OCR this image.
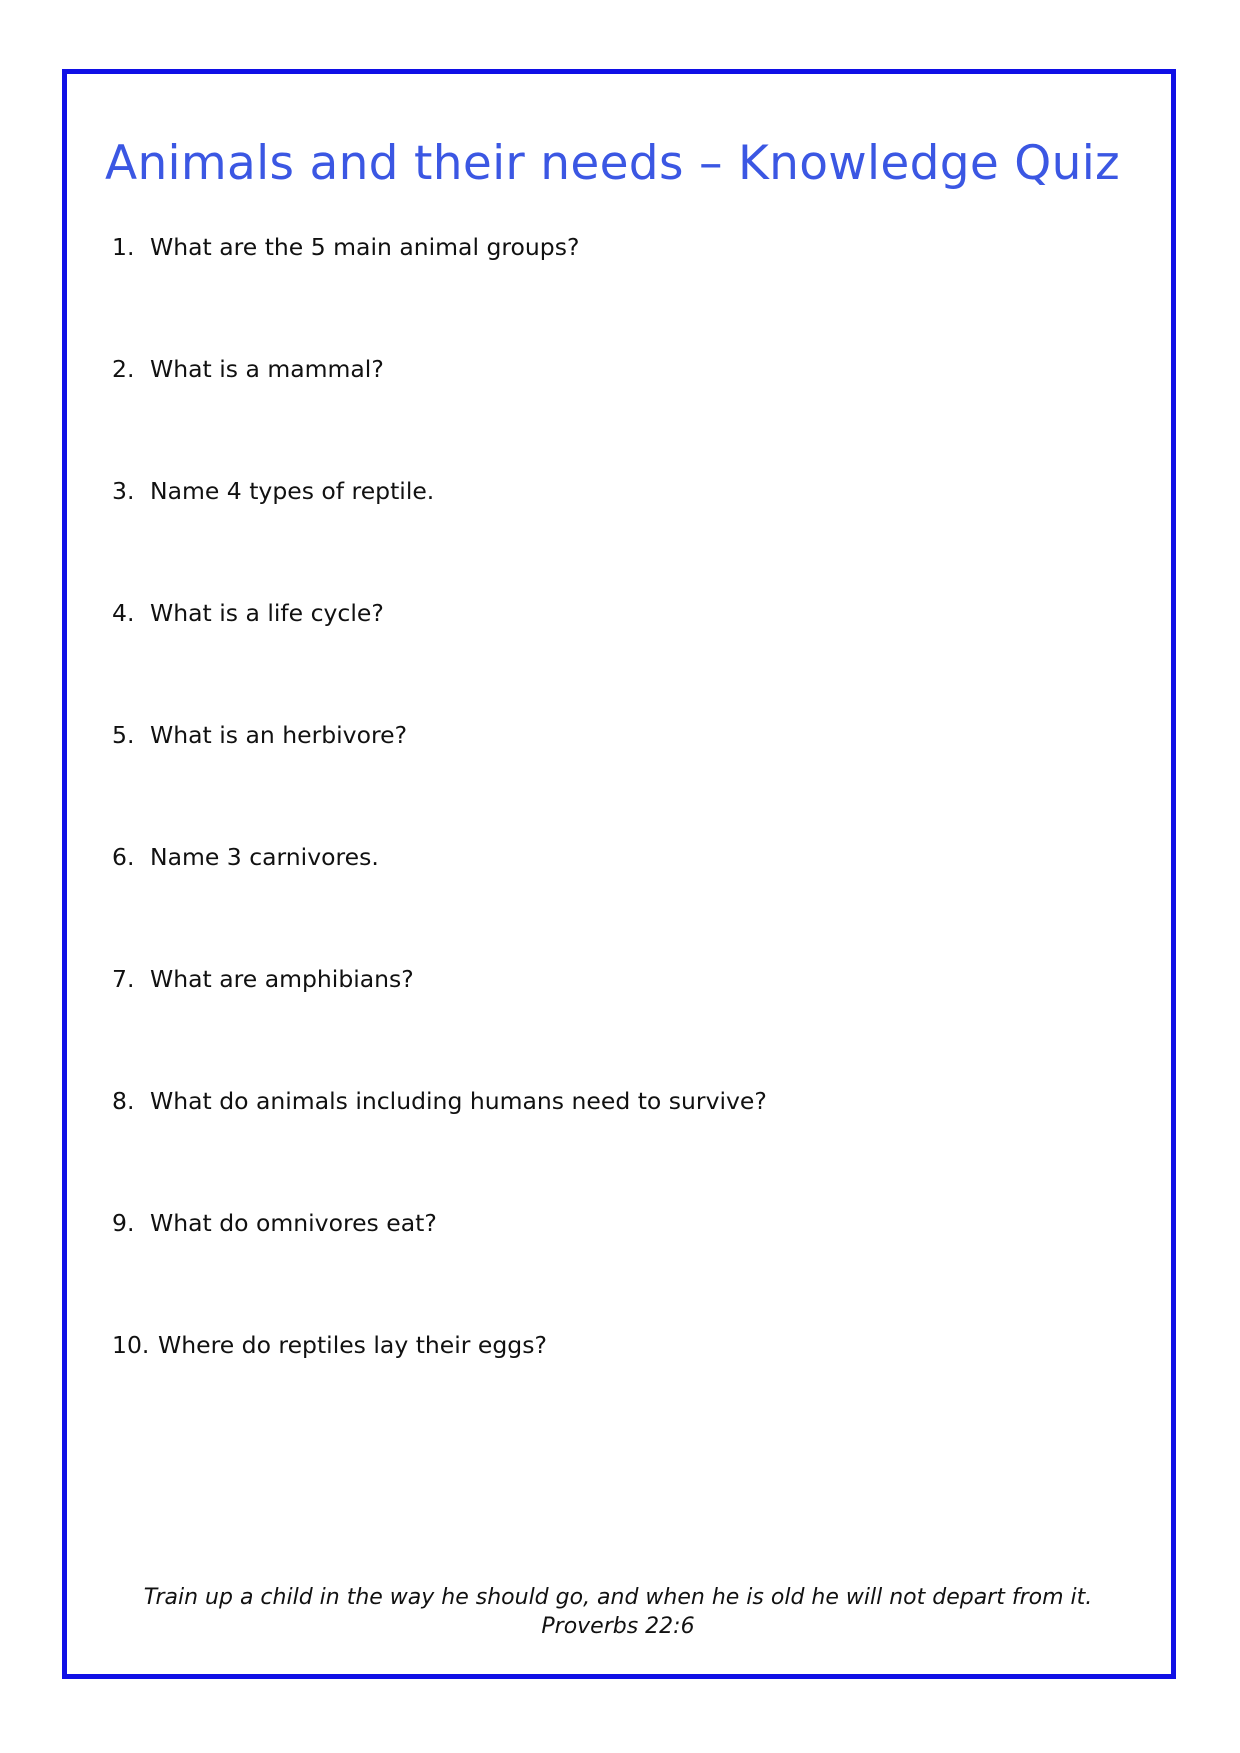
Animals and their needs – Knowledge Quiz
1. What are the 5 main animal groups?
2. What is a mammal?
3. Name 4 types of reptile.
4. What is a life cycle?
5. What is an herbivore?
6. Name 3 carnivores.
7. What are amphibians?
8. What do animals including humans need to survive?
9. What do omnivores eat?
10. Where do reptiles lay their eggs?
Train up a child in the way he should go, and when he is old he will not depart from it.
Proverbs 22:6
